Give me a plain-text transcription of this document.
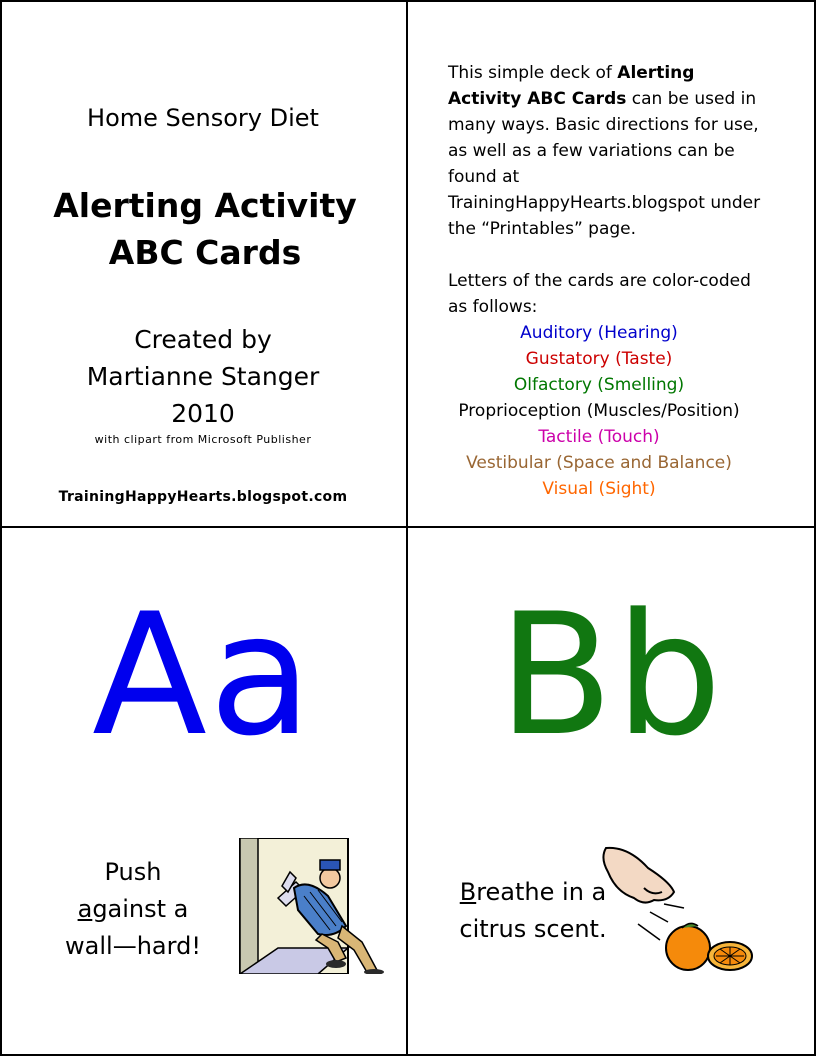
Home Sensory Diet
Alerting Activity
ABC Cards
Created by
Martianne Stanger
2010
with clipart from Microsoft Publisher
TrainingHappyHearts.blogspot.com

This simple deck of Alerting Activity ABC Cards can be used in many ways. Basic directions for use, as well as a few variations can be found at TrainingHappyHearts.blogspot under the “Printables” page.

Letters of the cards are color-coded as follows:

Auditory (Hearing)
Gustatory (Taste)
Olfactory (Smelling)
Proprioception (Muscles/Position)
Tactile (Touch)
Vestibular (Space and Balance)
Visual (Sight)
Aa
Push
against a
wall—hard!
Bb
Breathe in a
citrus scent.
